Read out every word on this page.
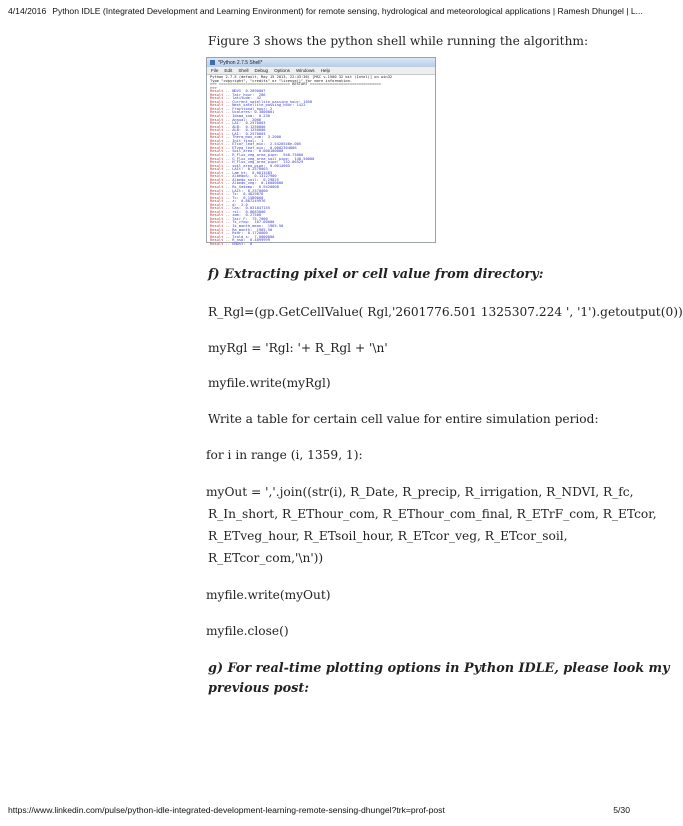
4/14/2016 Python IDLE (Integrated Development and Learning Environment) for remote sensing, hydrological and meteorological applications | Ramesh Dhungel | L...
Figure 3 shows the python shell while running the algorithm:
*Python 2.7.5 Shell*
File Edit Shell Debug Options Windows Help
Python 2.7.5 (default, May 15 2013, 22:43:36) [MSC v.1500 32 bit (Intel)] on win32
Type "copyright", "credits" or "license()" for more information.
>>> ================================ RESTART ================================
>>>
Result -- NDVI  0.2890007
Result -- Tair_hour:  286
Result -- latitude:  42
Result -- Current_satellite_passing_hour: 1058
Result -- Next_satellite_passing_hour: 1422
Result -- Fractional_hour: 2
Result -- Ucaleres: 0.3800001
Result -- Idsma_sum:  0.230
Result -- Annual:  2006
Result -- LAI:  0.2570003
Result -- ALB:  0.1250000
Result -- ALB:  0.1250000
Result -- LAI:  0.2570003
Result -- Therm_max_cum:  3.2000
Result -- Init_final:  1
Result -- ETcor_leaf_min:  2.5420546e-005
Result -- ETveg_leaf_min:  0.0002304806
Result -- Soil_area:  0.000100000
Result -- R_Flux_veg_area_pipe:  940.75000
Result -- G_Flux_veg_area_soil_pipe:  140.50000
Result -- H_Flux_veg_area_pipe:  152.06529
Result -- soil_area_pipe:  0.0014005
Result -- LAIt:  0.2570003
Result -- Lam_ht:  0.0013485
Result -- AlbedoS:  0.13127900
Result -- Albedo_soil:  0.29825
Result -- Albedo_veg:  0.16000000
Result -- Rs_Smtemp:  0.9420008
Result -- LAIt:  0.2570000
Result -- Ts:  0.4829878
Result -- Tc:  0.1580000
Result -- z:  0.887249976
Result -- d:  2.0
Result -- Cas:  0.031847155
Result -- rsl:  0.0683000
Result -- zom:  0.27500
Result -- Tair_F:  75.7000
Result -- Ts_crop:  167.00000
Result -- Is_month_mean:  1965.50
Result -- Ra_month:  1965.50
Result -- Rsdr:  0.1720000
Result -- Tcold_s:  7.0000000
Result -- R_nsb:  0.4899999
Result -- ENDst:  0
f) Extracting pixel or cell value from directory:
R_Rgl=(gp.GetCellValue( Rgl,'2601776.501 1325307.224 ', '1').getoutput(0))
myRgl = 'Rgl: '+ R_Rgl + '\n'
myfile.write(myRgl)
Write a table for certain cell value for entire simulation period:
for i in range (i, 1359, 1):
myOut = ','.join((str(i), R_Date, R_precip, R_irrigation, R_NDVI, R_fc,
R_In_short, R_EThour_com, R_EThour_com_final, R_ETrF_com, R_ETcor,
R_ETveg_hour, R_ETsoil_hour, R_ETcor_veg, R_ETcor_soil,
R_ETcor_com,'\n'))
myfile.write(myOut)
myfile.close()
g) For real-time plotting options in Python IDLE, please look my
previous post:
https://www.linkedin.com/pulse/python-idle-integrated-development-learning-remote-sensing-dhungel?trk=prof-post	5/30
